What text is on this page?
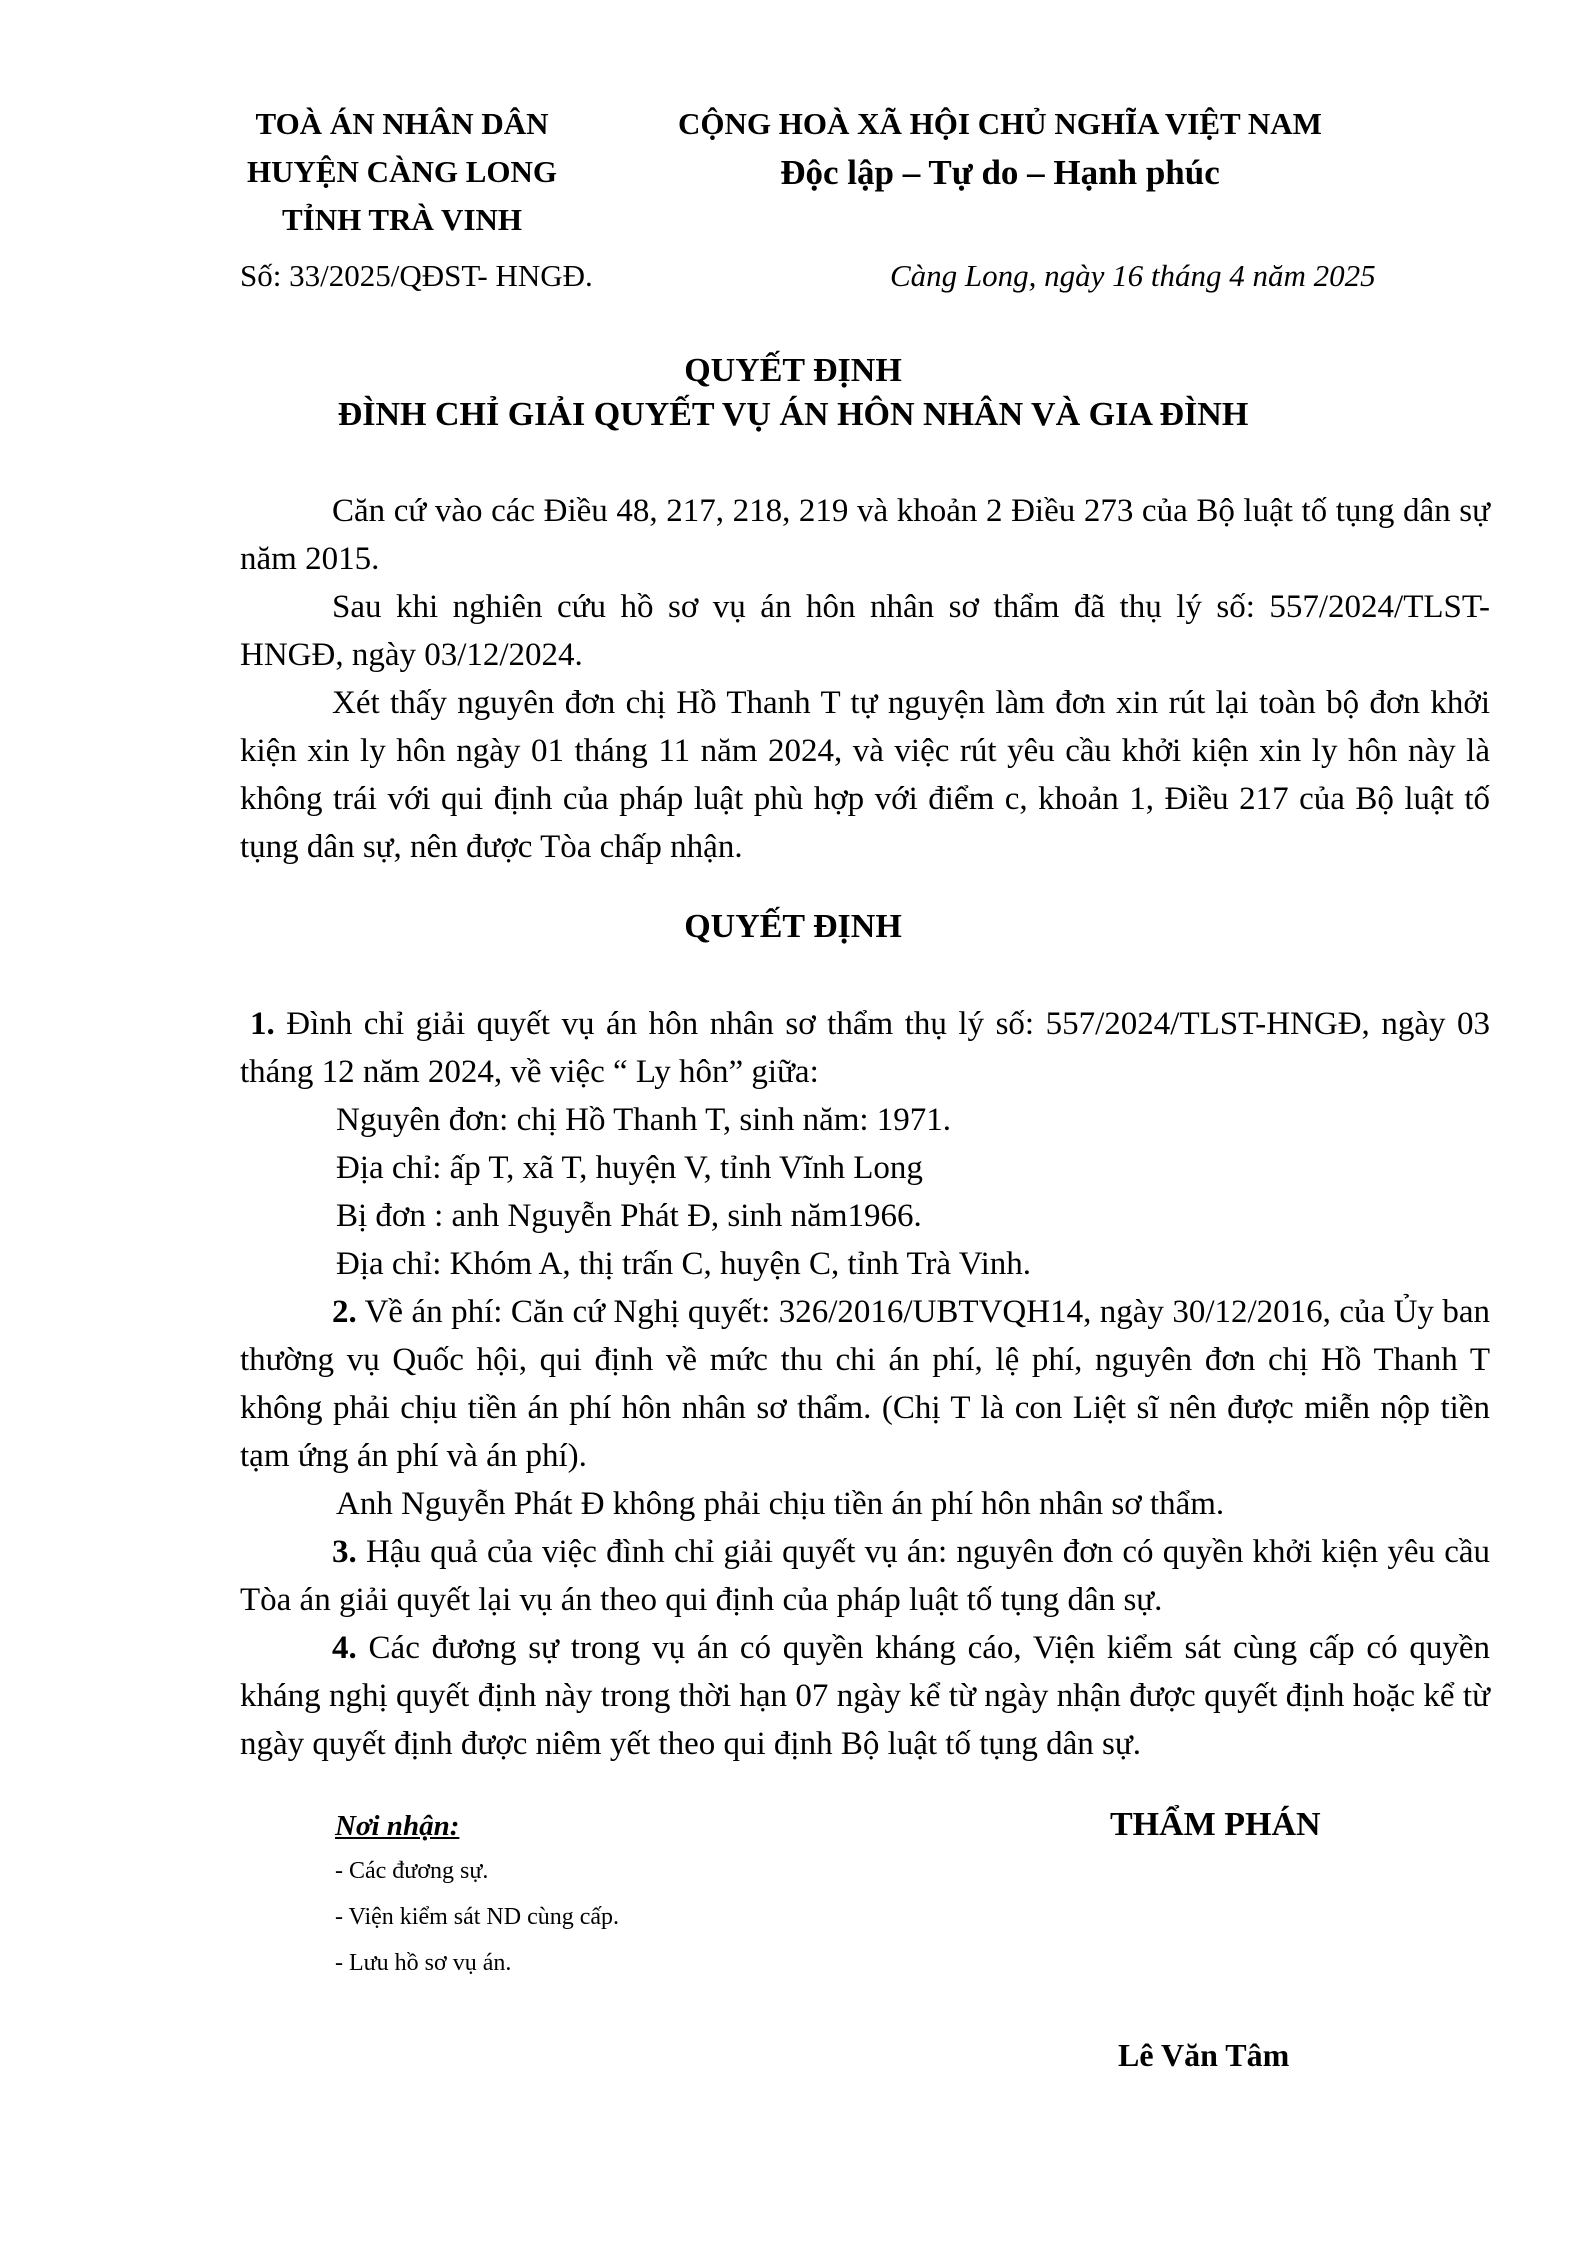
TOÀ ÁN NHÂN DÂN
HUYỆN CÀNG LONG
TỈNH TRÀ VINH
CỘNG HOÀ XÃ HỘI CHỦ NGHĨA VIỆT NAM
Độc lập – Tự do – Hạnh phúc
Số: 33/2025/QĐST- HNGĐ.	Càng Long, ngày 16 tháng 4 năm 2025
QUYẾT ĐỊNH
ĐÌNH CHỈ GIẢI QUYẾT VỤ ÁN HÔN NHÂN VÀ GIA ĐÌNH

Căn cứ vào các Điều 48, 217, 218, 219 và khoản 2 Điều 273 của Bộ luật tố tụng dân sự năm 2015.

Sau khi nghiên cứu hồ sơ vụ án hôn nhân sơ thẩm đã thụ lý số: 557/2024/TLST-HNGĐ, ngày 03/12/2024.

Xét thấy nguyên đơn chị Hồ Thanh T tự nguyện làm đơn xin rút lại toàn bộ đơn khởi kiện xin ly hôn ngày 01 tháng 11 năm 2024, và việc rút yêu cầu khởi kiện xin ly hôn này là không trái với qui định của pháp luật phù hợp với điểm c, khoản 1, Điều 217 của Bộ luật tố tụng dân sự, nên được Tòa chấp nhận.

QUYẾT ĐỊNH

1. Đình chỉ giải quyết vụ án hôn nhân sơ thẩm thụ lý số: 557/2024/TLST-HNGĐ, ngày 03 tháng 12 năm 2024, về việc “ Ly hôn” giữa:

Nguyên đơn: chị Hồ Thanh T, sinh năm: 1971.

Địa chỉ: ấp T, xã T, huyện V, tỉnh Vĩnh Long

Bị đơn : anh Nguyễn Phát Đ, sinh năm1966.

Địa chỉ: Khóm A, thị trấn C, huyện C, tỉnh Trà Vinh.

2. Về án phí: Căn cứ Nghị quyết: 326/2016/UBTVQH14, ngày 30/12/2016, của Ủy ban thường vụ Quốc hội, qui định về mức thu chi án phí, lệ phí, nguyên đơn chị Hồ Thanh T không phải chịu tiền án phí hôn nhân sơ thẩm. (Chị T là con Liệt sĩ nên được miễn nộp tiền tạm ứng án phí và án phí).

Anh Nguyễn Phát Đ không phải chịu tiền án phí hôn nhân sơ thẩm.

3. Hậu quả của việc đình chỉ giải quyết vụ án: nguyên đơn có quyền khởi kiện yêu cầu Tòa án giải quyết lại vụ án theo qui định của pháp luật tố tụng dân sự.

4. Các đương sự trong vụ án có quyền kháng cáo, Viện kiểm sát cùng cấp có quyền kháng nghị quyết định này trong thời hạn 07 ngày kể từ ngày nhận được quyết định hoặc kể từ ngày quyết định được niêm yết theo qui định Bộ luật tố tụng dân sự.

Nơi nhận:
- Các đương sự.
- Viện kiểm sát ND cùng cấp.
- Lưu hồ sơ vụ án.
THẨM PHÁN
Lê Văn Tâm
